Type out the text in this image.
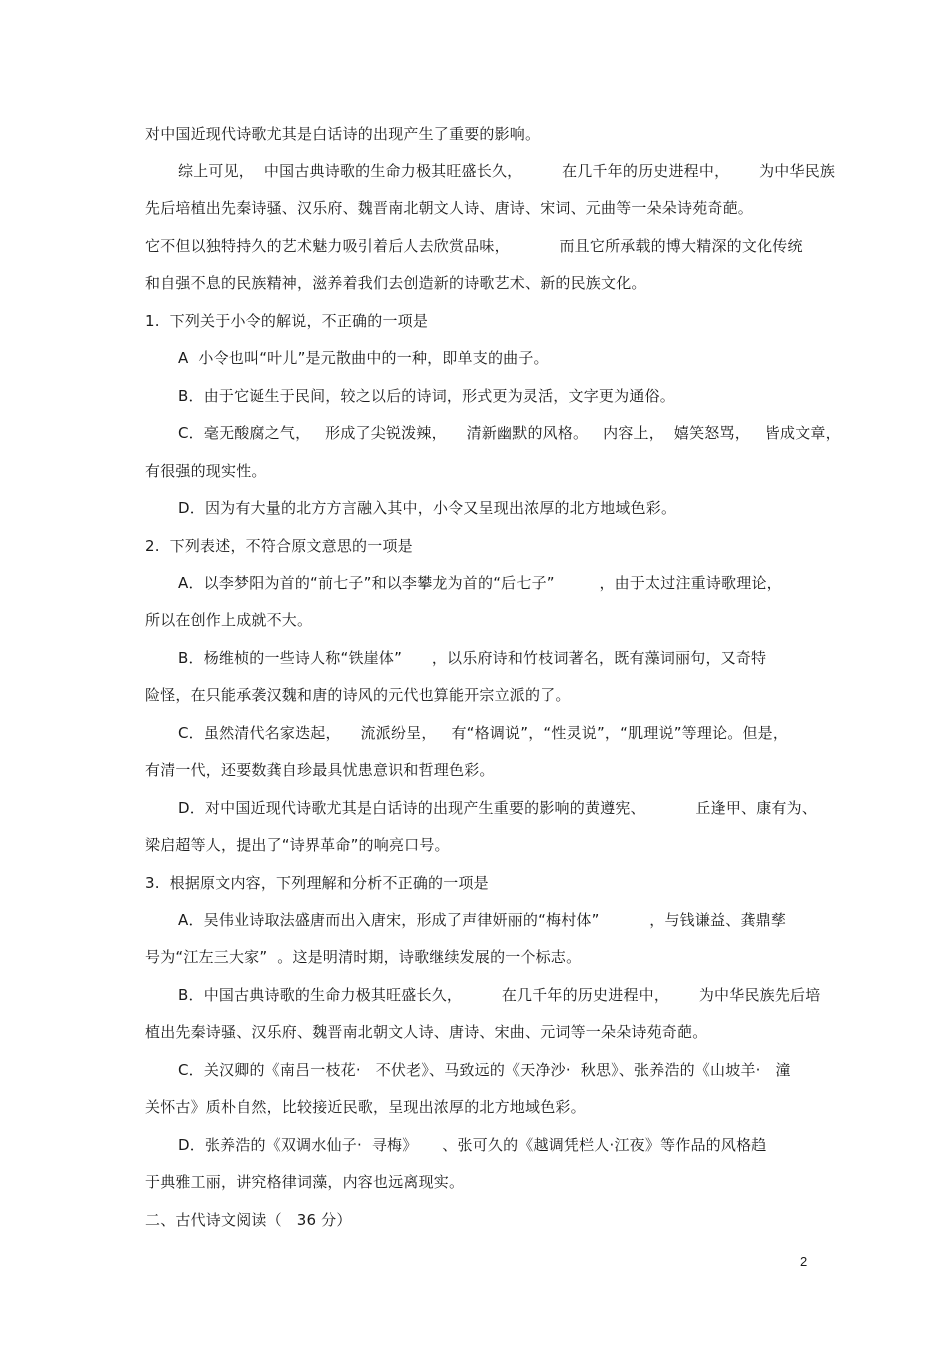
对中国近现代诗歌尤其是白话诗的出现产生了重要的影响。
综上可见，  中国古典诗歌的生命力极其旺盛长久，        在几千年的历史进程中，      为中华民族
先后培植出先秦诗骚、汉乐府、魏晋南北朝文人诗、唐诗、宋词、元曲等一朵朵诗苑奇葩。
它不但以独特持久的艺术魅力吸引着后人去欣赏品味，          而且它所承载的博大精深的文化传统
和自强不息的民族精神，滋养着我们去创造新的诗歌艺术、新的民族文化。
1.  下列关于小令的解说，不正确的一项是
A  小令也叫“叶儿”是元散曲中的一种，即单支的曲子。
B．由于它诞生于民间，较之以后的诗词，形式更为灵活，文字更为通俗。
C．毫无酸腐之气，   形成了尖锐泼辣，    清新幽默的风格。   内容上，  嬉笑怒骂，   皆成文章，
有很强的现实性。
D．因为有大量的北方方言融入其中，小令又呈现出浓厚的北方地域色彩。
2.  下列表述，不符合原文意思的一项是
A．以李梦阳为首的“前七子”和以李攀龙为首的“后七子”         ，由于太过注重诗歌理论，
所以在创作上成就不大。
B．杨维桢的一些诗人称“铁崖体”      ，以乐府诗和竹枝词著名，既有藻词丽句，又奇特
险怪，在只能承袭汉魏和唐的诗风的元代也算能开宗立派的了。
C．虽然清代名家迭起，    流派纷呈，   有“格调说”，“性灵说”，“肌理说”等理论。但是，
有清一代，还要数龚自珍最具忧患意识和哲理色彩。
D．对中国近现代诗歌尤其是白话诗的出现产生重要的影响的黄遵宪、          丘逢甲、康有为、
梁启超等人，提出了“诗界革命”的响亮口号。
3.  根据原文内容，下列理解和分析不正确的一项是
A．吴伟业诗取法盛唐而出入唐宋，形成了声律妍丽的“梅村体”          ，与钱谦益、龚鼎孳
号为“江左三大家”  。这是明清时期，诗歌继续发展的一个标志。
B．中国古典诗歌的生命力极其旺盛长久，        在几千年的历史进程中，      为中华民族先后培
植出先秦诗骚、汉乐府、魏晋南北朝文人诗、唐诗、宋曲、元词等一朵朵诗苑奇葩。
C．关汉卿的《南吕一枝花·   不伏老》、马致远的《天净沙·  秋思》、张养浩的《山坡羊·   潼
关怀古》质朴自然，比较接近民歌，呈现出浓厚的北方地域色彩。
D．张养浩的《双调水仙子·  寻梅》     、张可久的《越调凭栏人·江夜》等作品的风格趋
于典雅工丽，讲究格律词藻，内容也远离现实。
二、古代诗文阅读（   36 分）
2
